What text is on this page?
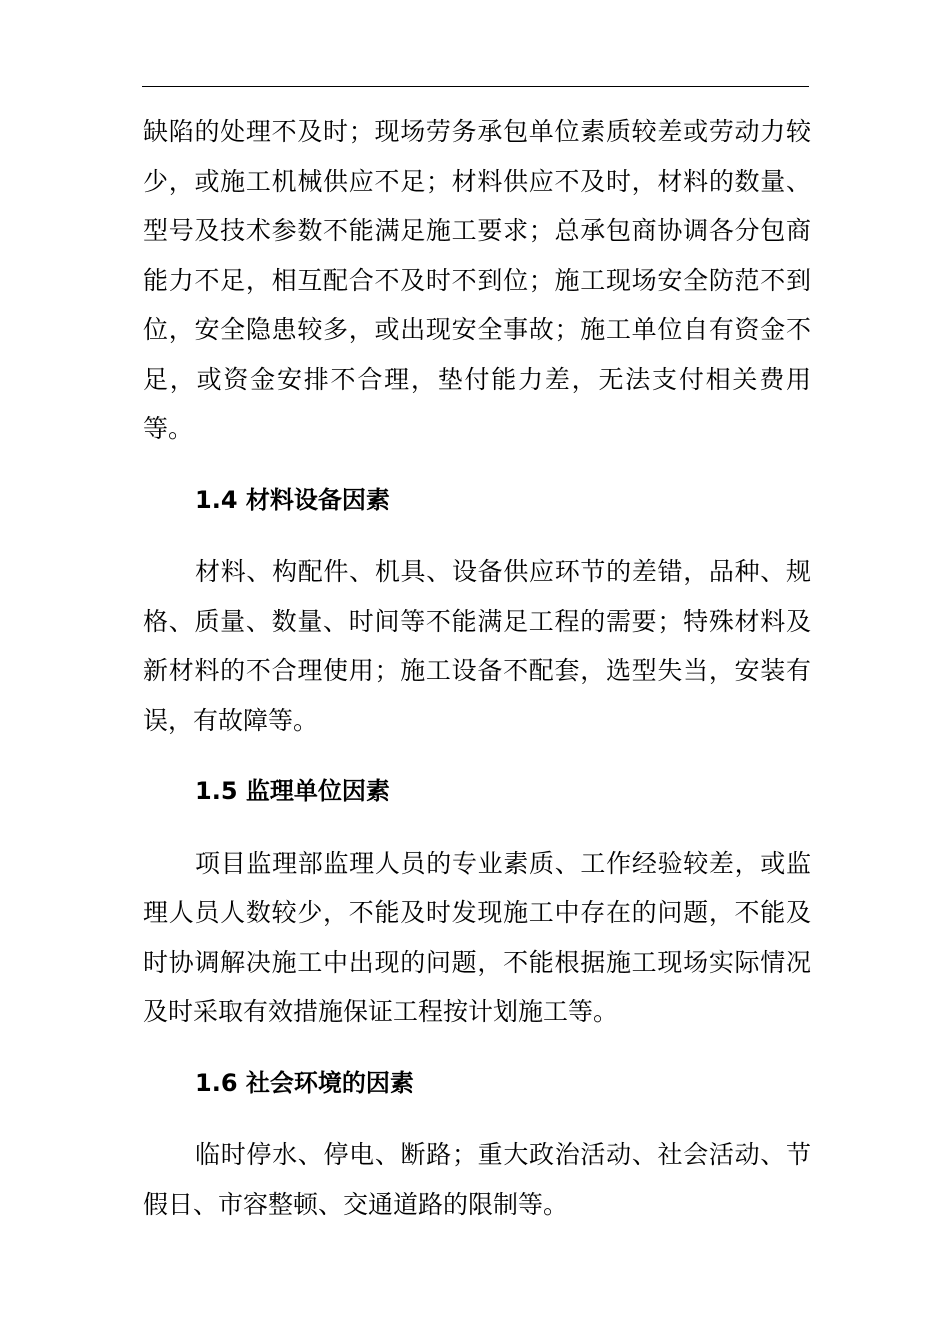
缺陷的处理不及时；现场劳务承包单位素质较差或劳动力较少，或施工机械供应不足；材料供应不及时，材料的数量、型号及技术参数不能满足施工要求；总承包商协调各分包商能力不足，相互配合不及时不到位；施工现场安全防范不到位，安全隐患较多，或出现安全事故；施工单位自有资金不足，或资金安排不合理，垫付能力差，无法支付相关费用等。

1.4 材料设备因素

材料、构配件、机具、设备供应环节的差错，品种、规格、质量、数量、时间等不能满足工程的需要；特殊材料及新材料的不合理使用；施工设备不配套，选型失当，安装有误，有故障等。

1.5 监理单位因素

项目监理部监理人员的专业素质、工作经验较差，或监理人员人数较少，不能及时发现施工中存在的问题，不能及时协调解决施工中出现的问题，不能根据施工现场实际情况及时采取有效措施保证工程按计划施工等。

1.6 社会环境的因素

临时停水、停电、断路；重大政治活动、社会活动、节假日、市容整顿、交通道路的限制等。
